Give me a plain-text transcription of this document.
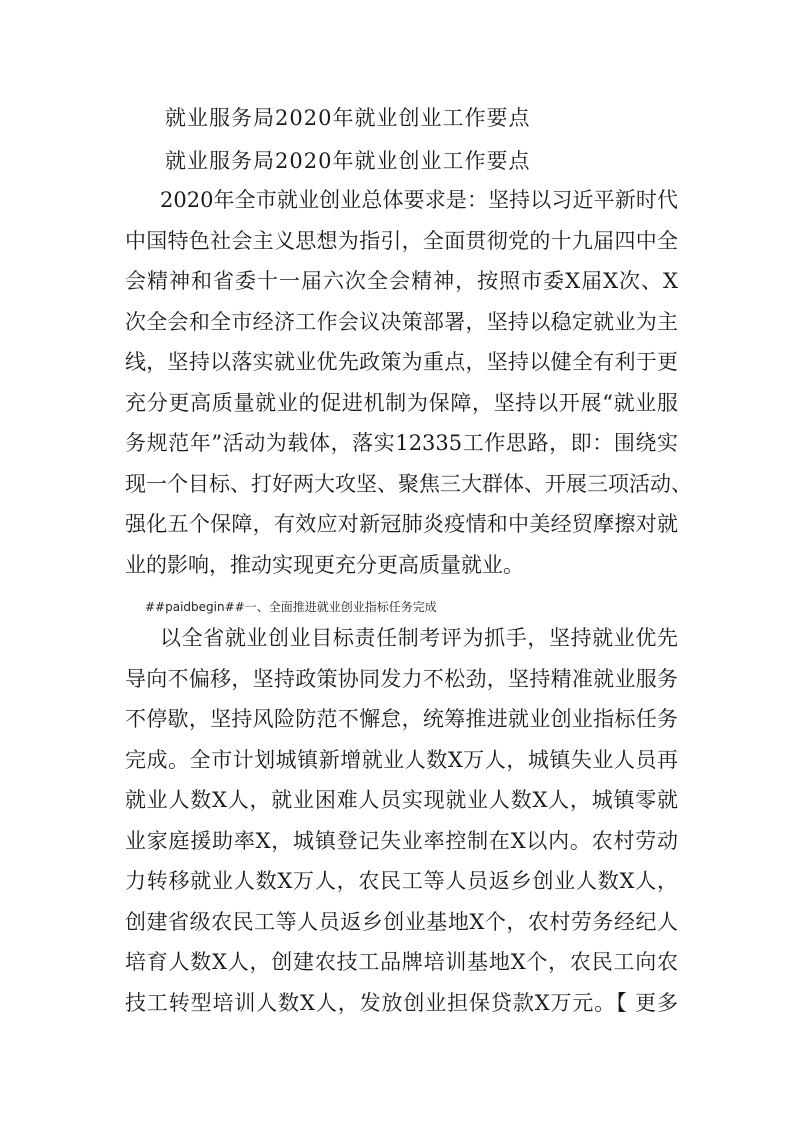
就业服务局2020年就业创业工作要点
就业服务局2020年就业创业工作要点
2020年全市就业创业总体要求是：坚持以习近平新时代
中国特色社会主义思想为指引，全面贯彻党的十九届四中全
会精神和省委十一届六次全会精神，按照市委X届X次、X
次全会和全市经济工作会议决策部署，坚持以稳定就业为主
线，坚持以落实就业优先政策为重点，坚持以健全有利于更
充分更高质量就业的促进机制为保障，坚持以开展“就业服
务规范年”活动为载体，落实12335工作思路，即：围绕实
现一个目标、打好两大攻坚、聚焦三大群体、开展三项活动、
强化五个保障，有效应对新冠肺炎疫情和中美经贸摩擦对就
业的影响，推动实现更充分更高质量就业。
##paidbegin##一、全面推进就业创业指标任务完成
以全省就业创业目标责任制考评为抓手，坚持就业优先
导向不偏移，坚持政策协同发力不松劲，坚持精准就业服务
不停歇，坚持风险防范不懈怠，统筹推进就业创业指标任务
完成。全市计划城镇新增就业人数X万人，城镇失业人员再
就业人数X人，就业困难人员实现就业人数X人，城镇零就
业家庭援助率X，城镇登记失业率控制在X以内。农村劳动
力转移就业人数X万人，农民工等人员返乡创业人数X人，
创建省级农民工等人员返乡创业基地X个，农村劳务经纪人
培育人数X人，创建农技工品牌培训基地X个，农民工向农
技工转型培训人数X人，发放创业担保贷款X万元。【 更多
